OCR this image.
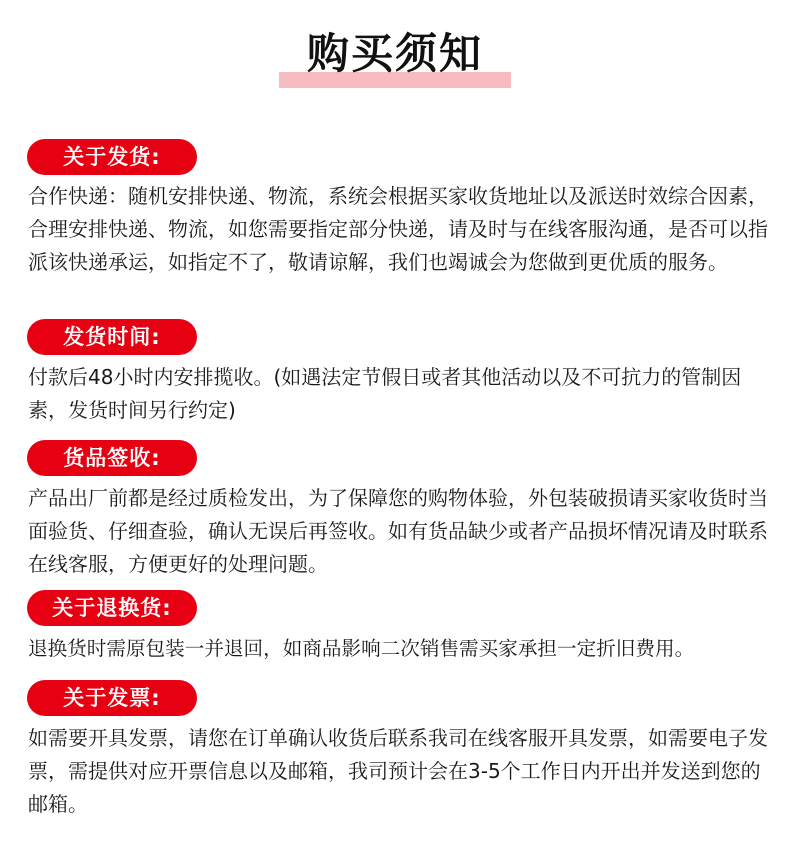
购买须知
关于发货:

合作快递：随机安排快递、物流，系统会根据买家收货地址以及派送时效综合因素，合理安排快递、物流，如您需要指定部分快递，请及时与在线客服沟通，是否可以指派该快递承运，如指定不了，敬请谅解，我们也竭诚会为您做到更优质的服务。

发货时间:

付款后48小时内安排揽收。(如遇法定节假日或者其他活动以及不可抗力的管制因素，发货时间另行约定)

货品签收:

产品出厂前都是经过质检发出，为了保障您的购物体验，外包装破损请买家收货时当面验货、仔细查验，确认无误后再签收。如有货品缺少或者产品损坏情况请及时联系在线客服，方便更好的处理问题。

关于退换货:

退换货时需原包装一并退回，如商品影响二次销售需买家承担一定折旧费用。

关于发票:

如需要开具发票，请您在订单确认收货后联系我司在线客服开具发票，如需要电子发票，需提供对应开票信息以及邮箱，我司预计会在3-5个工作日内开出并发送到您的邮箱。
